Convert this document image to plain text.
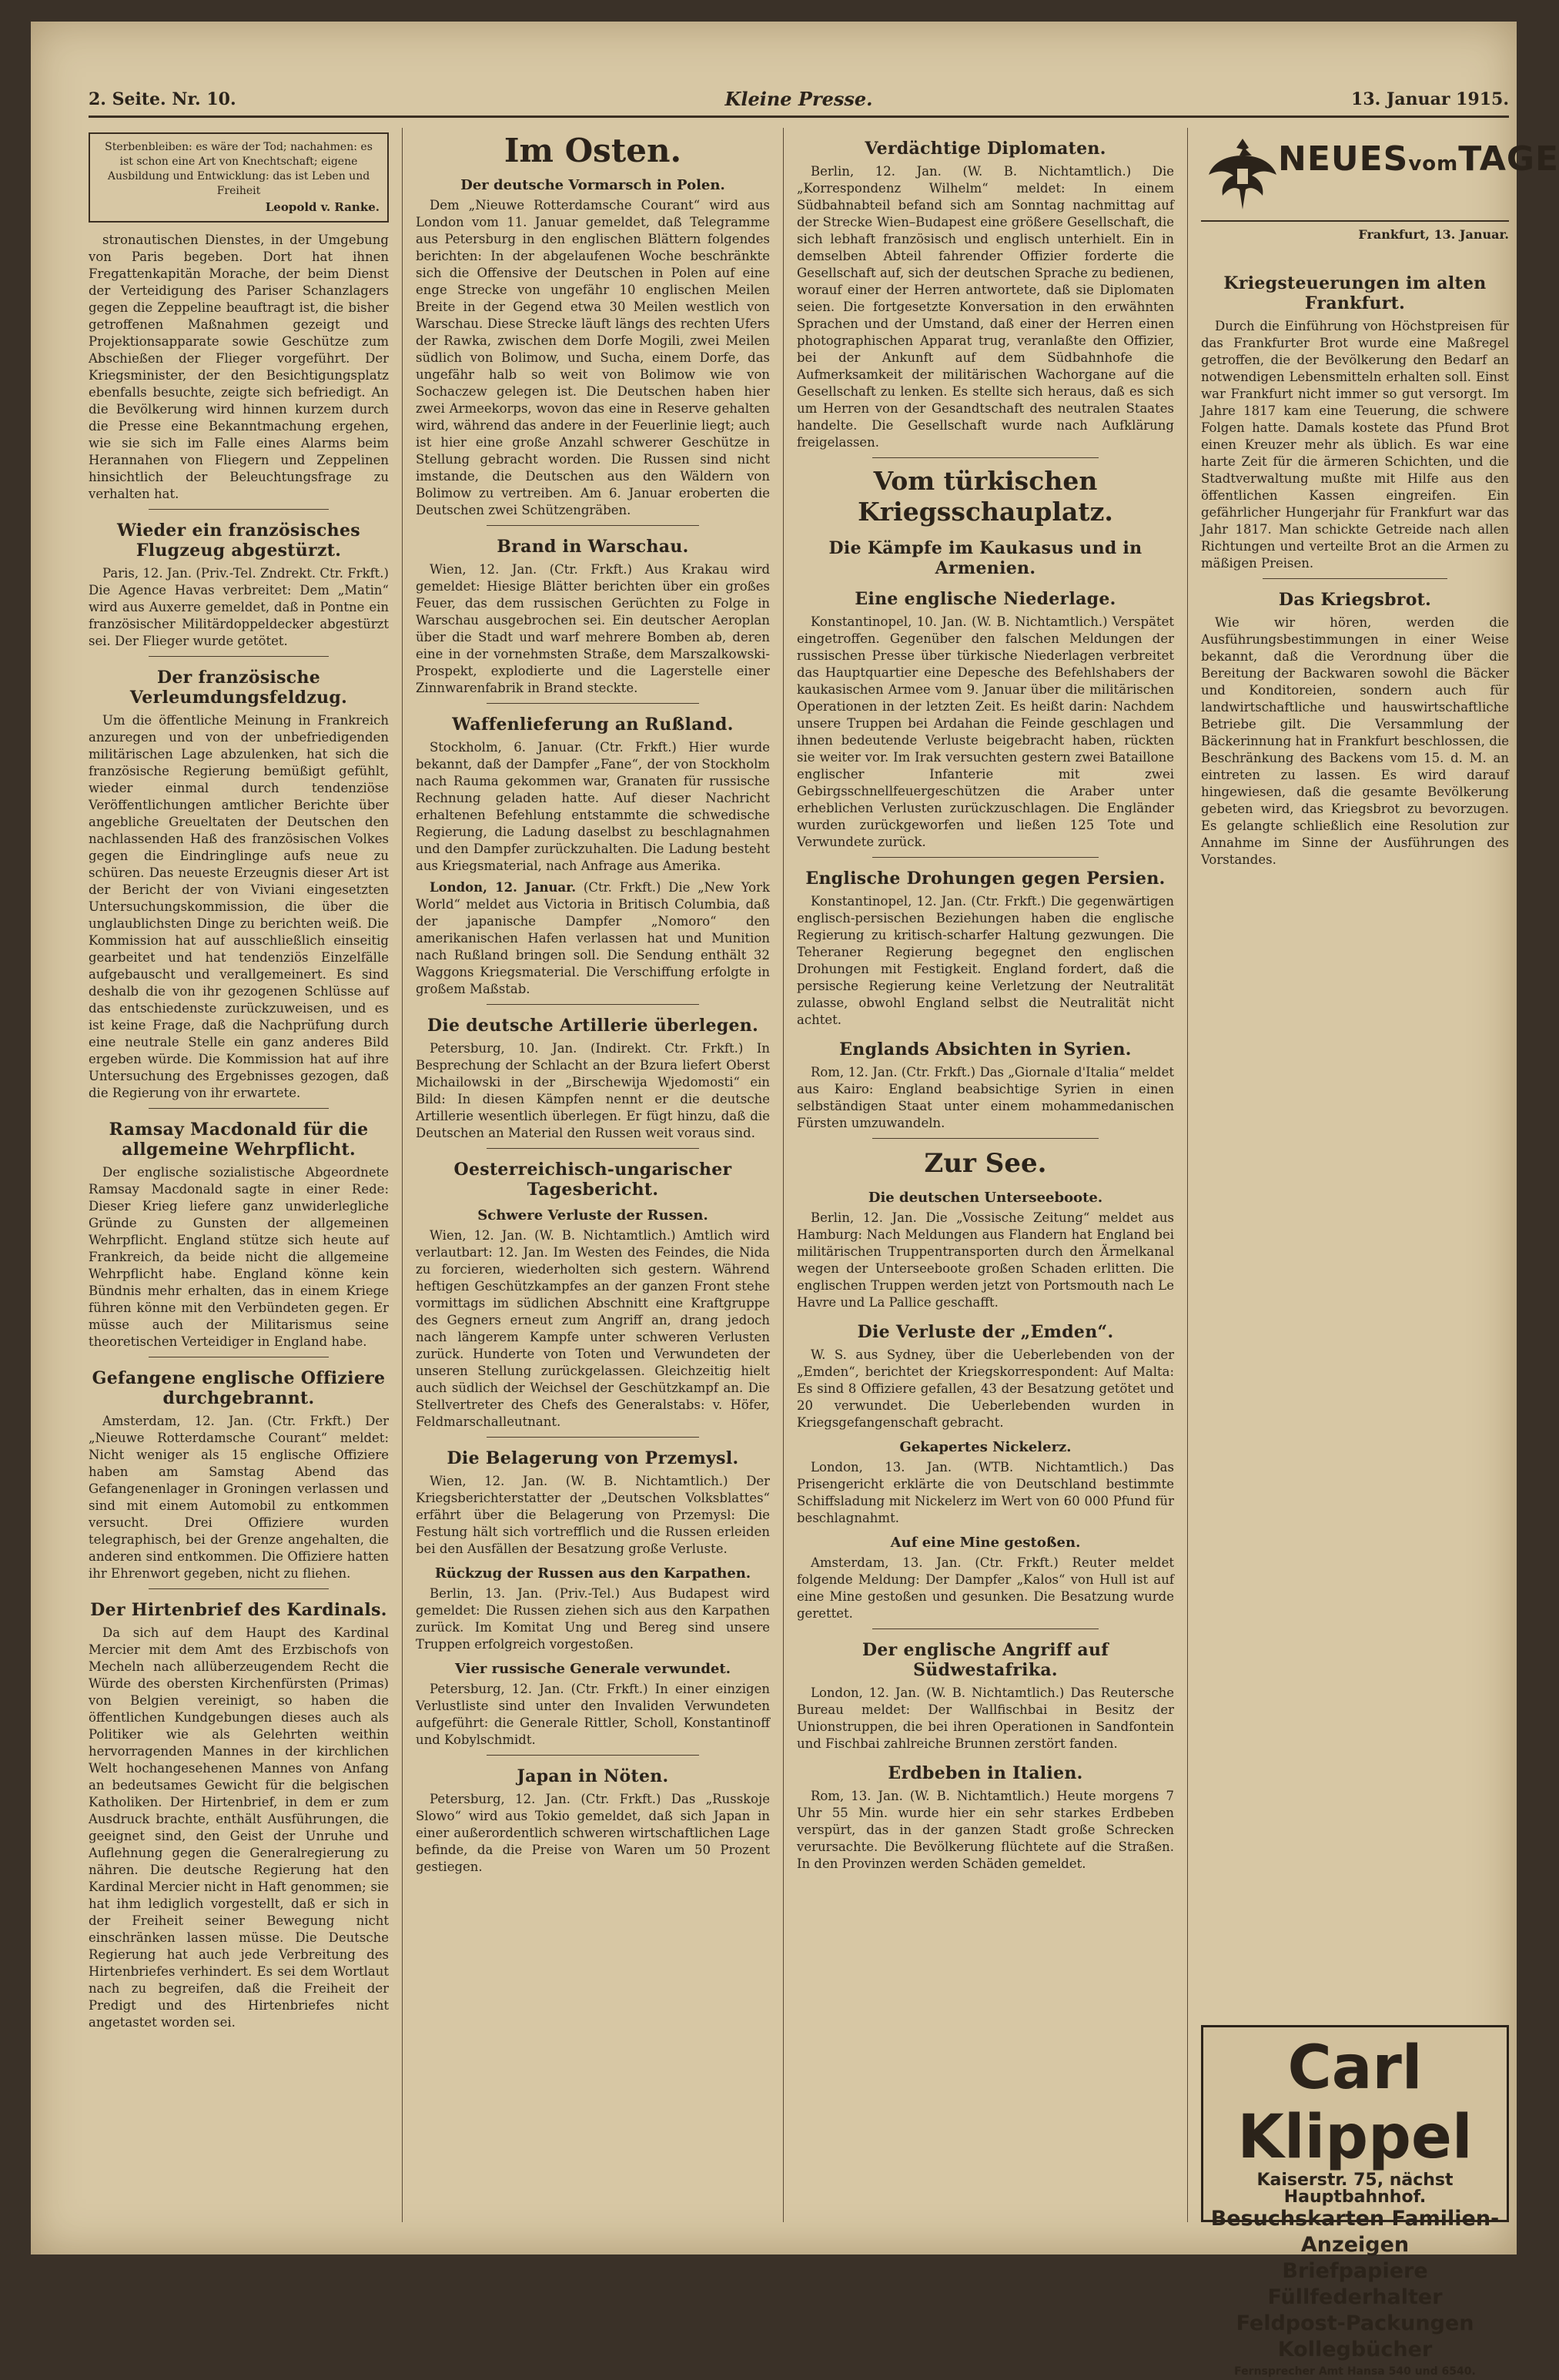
2. Seite. Nr. 10.	Kleine Presse.	13. Januar 1915.
Sterbenbleiben: es wäre der Tod; nachahmen: es ist schon eine Art von Knechtschaft; eigene Ausbildung und Entwicklung: das ist Leben und Freiheit
Leopold v. Ranke.

stronautischen Dienstes, in der Umgebung von Paris begeben. Dort hat ihnen Fregattenkapitän Morache, der beim Dienst der Verteidigung des Pariser Schanzlagers gegen die Zeppeline beauftragt ist, die bisher getroffenen Maßnahmen gezeigt und Projektionsapparate sowie Geschütze zum Abschießen der Flieger vorgeführt. Der Kriegsminister, der den Besichtigungsplatz ebenfalls besuchte, zeigte sich befriedigt. An die Bevölkerung wird hinnen kurzem durch die Presse eine Bekanntmachung ergehen, wie sie sich im Falle eines Alarms beim Herannahen von Fliegern und Zeppelinen hinsichtlich der Beleuchtungsfrage zu verhalten hat.

Wieder ein französisches Flugzeug abgestürzt.

Paris, 12. Jan. (Priv.-Tel. Zndrekt. Ctr. Frkft.) Die Agence Havas verbreitet: Dem „Matin“ wird aus Auxerre gemeldet, daß in Pontne ein französischer Militärdoppeldecker abgestürzt sei. Der Flieger wurde getötet.

Der französische Verleumdungsfeldzug.

Um die öffentliche Meinung in Frankreich anzuregen und von der unbefriedigenden militärischen Lage abzulenken, hat sich die französische Regierung bemüßigt gefühlt, wieder einmal durch tendenziöse Veröffentlichungen amtlicher Berichte über angebliche Greueltaten der Deutschen den nachlassenden Haß des französischen Volkes gegen die Eindringlinge aufs neue zu schüren. Das neueste Erzeugnis dieser Art ist der Bericht der von Viviani eingesetzten Untersuchungskommission, die über die unglaublichsten Dinge zu berichten weiß. Die Kommission hat auf ausschließlich einseitig gearbeitet und hat tendenziös Einzelfälle aufgebauscht und verallgemeinert. Es sind deshalb die von ihr gezogenen Schlüsse auf das entschiedenste zurückzuweisen, und es ist keine Frage, daß die Nachprüfung durch eine neutrale Stelle ein ganz anderes Bild ergeben würde. Die Kommission hat auf ihre Untersuchung des Ergebnisses gezogen, daß die Regierung von ihr erwartete.

Ramsay Macdonald für die allgemeine Wehrpflicht.

Der englische sozialistische Abgeordnete Ramsay Macdonald sagte in einer Rede: Dieser Krieg liefere ganz unwiderlegliche Gründe zu Gunsten der allgemeinen Wehrpflicht. England stütze sich heute auf Frankreich, da beide nicht die allgemeine Wehrpflicht habe. England könne kein Bündnis mehr erhalten, das in einem Kriege führen könne mit den Verbündeten gegen. Er müsse auch der Militarismus seine theoretischen Verteidiger in England habe.

Gefangene englische Offiziere durchgebrannt.

Amsterdam, 12. Jan. (Ctr. Frkft.) Der „Nieuwe Rotterdamsche Courant“ meldet: Nicht weniger als 15 englische Offiziere haben am Samstag Abend das Gefangenenlager in Groningen verlassen und sind mit einem Automobil zu entkommen versucht. Drei Offiziere wurden telegraphisch, bei der Grenze angehalten, die anderen sind entkommen. Die Offiziere hatten ihr Ehrenwort gegeben, nicht zu fliehen.

Der Hirtenbrief des Kardinals.

Da sich auf dem Haupt des Kardinal Mercier mit dem Amt des Erzbischofs von Mecheln nach allüberzeugendem Recht die Würde des obersten Kirchenfürsten (Primas) von Belgien vereinigt, so haben die öffentlichen Kundgebungen dieses auch als Politiker wie als Gelehrten weithin hervorragenden Mannes in der kirchlichen Welt hochangesehenen Mannes von Anfang an bedeutsames Gewicht für die belgischen Katholiken. Der Hirtenbrief, in dem er zum Ausdruck brachte, enthält Ausführungen, die geeignet sind, den Geist der Unruhe und Auflehnung gegen die Generalregierung zu nähren. Die deutsche Regierung hat den Kardinal Mercier nicht in Haft genommen; sie hat ihm lediglich vorgestellt, daß er sich in der Freiheit seiner Bewegung nicht einschränken lassen müsse. Die Deutsche Regierung hat auch jede Verbreitung des Hirtenbriefes verhindert. Es sei dem Wortlaut nach zu begreifen, daß die Freiheit der Predigt und des Hirtenbriefes nicht angetastet worden sei.

Im Osten.
Der deutsche Vormarsch in Polen.

Dem „Nieuwe Rotterdamsche Courant“ wird aus London vom 11. Januar gemeldet, daß Telegramme aus Petersburg in den englischen Blättern folgendes berichten: In der abgelaufenen Woche beschränkte sich die Offensive der Deutschen in Polen auf eine enge Strecke von ungefähr 10 englischen Meilen Breite in der Gegend etwa 30 Meilen westlich von Warschau. Diese Strecke läuft längs des rechten Ufers der Rawka, zwischen dem Dorfe Mogili, zwei Meilen südlich von Bolimow, und Sucha, einem Dorfe, das ungefähr halb so weit von Bolimow wie von Sochaczew gelegen ist. Die Deutschen haben hier zwei Armeekorps, wovon das eine in Reserve gehalten wird, während das andere in der Feuerlinie liegt; auch ist hier eine große Anzahl schwerer Geschütze in Stellung gebracht worden. Die Russen sind nicht imstande, die Deutschen aus den Wäldern von Bolimow zu vertreiben. Am 6. Januar eroberten die Deutschen zwei Schützengräben.

Brand in Warschau.

Wien, 12. Jan. (Ctr. Frkft.) Aus Krakau wird gemeldet: Hiesige Blätter berichten über ein großes Feuer, das dem russischen Gerüchten zu Folge in Warschau ausgebrochen sei. Ein deutscher Aeroplan über die Stadt und warf mehrere Bomben ab, deren eine in der vornehmsten Straße, dem Marszalkowski-Prospekt, explodierte und die Lagerstelle einer Zinnwarenfabrik in Brand steckte.

Waffenlieferung an Rußland.

Stockholm, 6. Januar. (Ctr. Frkft.) Hier wurde bekannt, daß der Dampfer „Fane“, der von Stockholm nach Rauma gekommen war, Granaten für russische Rechnung geladen hatte. Auf dieser Nachricht erhaltenen Befehlung entstammte die schwedische Regierung, die Ladung daselbst zu beschlagnahmen und den Dampfer zurückzuhalten. Die Ladung besteht aus Kriegsmaterial, nach Anfrage aus Amerika.

London, 12. Januar. (Ctr. Frkft.) Die „New York World“ meldet aus Victoria in Britisch Columbia, daß der japanische Dampfer „Nomoro“ den amerikanischen Hafen verlassen hat und Munition nach Rußland bringen soll. Die Sendung enthält 32 Waggons Kriegsmaterial. Die Verschiffung erfolgte in großem Maßstab.

Die deutsche Artillerie überlegen.

Petersburg, 10. Jan. (Indirekt. Ctr. Frkft.) In Besprechung der Schlacht an der Bzura liefert Oberst Michailowski in der „Birschewija Wjedomosti“ ein Bild: In diesen Kämpfen nennt er die deutsche Artillerie wesentlich überlegen. Er fügt hinzu, daß die Deutschen an Material den Russen weit voraus sind.

Oesterreichisch-ungarischer Tagesbericht.
Schwere Verluste der Russen.

Wien, 12. Jan. (W. B. Nichtamtlich.) Amtlich wird verlautbart: 12. Jan. Im Westen des Feindes, die Nida zu forcieren, wiederholten sich gestern. Während heftigen Geschützkampfes an der ganzen Front stehe vormittags im südlichen Abschnitt eine Kraftgruppe des Gegners erneut zum Angriff an, drang jedoch nach längerem Kampfe unter schweren Verlusten zurück. Hunderte von Toten und Verwundeten der unseren Stellung zurückgelassen. Gleichzeitig hielt auch südlich der Weichsel der Geschützkampf an. Die Stellvertreter des Chefs des Generalstabs: v. Höfer, Feldmarschalleutnant.

Die Belagerung von Przemysl.

Wien, 12. Jan. (W. B. Nichtamtlich.) Der Kriegsberichterstatter der „Deutschen Volksblattes“ erfährt über die Belagerung von Przemysl: Die Festung hält sich vortrefflich und die Russen erleiden bei den Ausfällen der Besatzung große Verluste.

Rückzug der Russen aus den Karpathen.

Berlin, 13. Jan. (Priv.-Tel.) Aus Budapest wird gemeldet: Die Russen ziehen sich aus den Karpathen zurück. Im Komitat Ung und Bereg sind unsere Truppen erfolgreich vorgestoßen.

Vier russische Generale verwundet.

Petersburg, 12. Jan. (Ctr. Frkft.) In einer einzigen Verlustliste sind unter den Invaliden Verwundeten aufgeführt: die Generale Rittler, Scholl, Konstantinoff und Kobylschmidt.

Japan in Nöten.

Petersburg, 12. Jan. (Ctr. Frkft.) Das „Russkoje Slowo“ wird aus Tokio gemeldet, daß sich Japan in einer außerordentlich schweren wirtschaftlichen Lage befinde, da die Preise von Waren um 50 Prozent gestiegen.

Verdächtige Diplomaten.

Berlin, 12. Jan. (W. B. Nichtamtlich.) Die „Korrespondenz Wilhelm“ meldet: In einem Südbahnabteil befand sich am Sonntag nachmittag auf der Strecke Wien–Budapest eine größere Gesellschaft, die sich lebhaft französisch und englisch unterhielt. Ein in demselben Abteil fahrender Offizier forderte die Gesellschaft auf, sich der deutschen Sprache zu bedienen, worauf einer der Herren antwortete, daß sie Diplomaten seien. Die fortgesetzte Konversation in den erwähnten Sprachen und der Umstand, daß einer der Herren einen photographischen Apparat trug, veranlaßte den Offizier, bei der Ankunft auf dem Südbahnhofe die Aufmerksamkeit der militärischen Wachorgane auf die Gesellschaft zu lenken. Es stellte sich heraus, daß es sich um Herren von der Gesandtschaft des neutralen Staates handelte. Die Gesellschaft wurde nach Aufklärung freigelassen.

Vom türkischen Kriegsschauplatz.
Die Kämpfe im Kaukasus und in Armenien.
Eine englische Niederlage.

Konstantinopel, 10. Jan. (W. B. Nichtamtlich.) Verspätet eingetroffen. Gegenüber den falschen Meldungen der russischen Presse über türkische Niederlagen verbreitet das Hauptquartier eine Depesche des Befehlshabers der kaukasischen Armee vom 9. Januar über die militärischen Operationen in der letzten Zeit. Es heißt darin: Nachdem unsere Truppen bei Ardahan die Feinde geschlagen und ihnen bedeutende Verluste beigebracht haben, rückten sie weiter vor. Im Irak versuchten gestern zwei Bataillone englischer Infanterie mit zwei Gebirgsschnellfeuergeschützen die Araber unter erheblichen Verlusten zurückzuschlagen. Die Engländer wurden zurückgeworfen und ließen 125 Tote und Verwundete zurück.

Englische Drohungen gegen Persien.

Konstantinopel, 12. Jan. (Ctr. Frkft.) Die gegenwärtigen englisch-persischen Beziehungen haben die englische Regierung zu kritisch-scharfer Haltung gezwungen. Die Teheraner Regierung begegnet den englischen Drohungen mit Festigkeit. England fordert, daß die persische Regierung keine Verletzung der Neutralität zulasse, obwohl England selbst die Neutralität nicht achtet.

Englands Absichten in Syrien.

Rom, 12. Jan. (Ctr. Frkft.) Das „Giornale d'Italia“ meldet aus Kairo: England beabsichtige Syrien in einen selbständigen Staat unter einem mohammedanischen Fürsten umzuwandeln.

Zur See.
Die deutschen Unterseeboote.

Berlin, 12. Jan. Die „Vossische Zeitung“ meldet aus Hamburg: Nach Meldungen aus Flandern hat England bei militärischen Truppentransporten durch den Ärmelkanal wegen der Unterseeboote großen Schaden erlitten. Die englischen Truppen werden jetzt von Portsmouth nach Le Havre und La Pallice geschafft.

Die Verluste der „Emden“.

W. S. aus Sydney, über die Ueberlebenden von der „Emden“, berichtet der Kriegskorrespondent: Auf Malta: Es sind 8 Offiziere gefallen, 43 der Besatzung getötet und 20 verwundet. Die Ueberlebenden wurden in Kriegsgefangenschaft gebracht.

Gekapertes Nickelerz.

London, 13. Jan. (WTB. Nichtamtlich.) Das Prisengericht erklärte die von Deutschland bestimmte Schiffsladung mit Nickelerz im Wert von 60 000 Pfund für beschlagnahmt.

Auf eine Mine gestoßen.

Amsterdam, 13. Jan. (Ctr. Frkft.) Reuter meldet folgende Meldung: Der Dampfer „Kalos“ von Hull ist auf eine Mine gestoßen und gesunken. Die Besatzung wurde gerettet.

Der englische Angriff auf Südwestafrika.

London, 12. Jan. (W. B. Nichtamtlich.) Das Reutersche Bureau meldet: Der Wallfischbai in Besitz der Unionstruppen, die bei ihren Operationen in Sandfontein und Fischbai zahlreiche Brunnen zerstört fanden.

Erdbeben in Italien.

Rom, 13. Jan. (W. B. Nichtamtlich.) Heute morgens 7 Uhr 55 Min. wurde hier ein sehr starkes Erdbeben verspürt, das in der ganzen Stadt große Schrecken verursachte. Die Bevölkerung flüchtete auf die Straßen. In den Provinzen werden Schäden gemeldet.

NEUESvomTAGE
Frankfurt, 13. Januar.
Kriegsteuerungen im alten Frankfurt.

Durch die Einführung von Höchstpreisen für das Frankfurter Brot wurde eine Maßregel getroffen, die der Bevölkerung den Bedarf an notwendigen Lebensmitteln erhalten soll. Einst war Frankfurt nicht immer so gut versorgt. Im Jahre 1817 kam eine Teuerung, die schwere Folgen hatte. Damals kostete das Pfund Brot einen Kreuzer mehr als üblich. Es war eine harte Zeit für die ärmeren Schichten, und die Stadtverwaltung mußte mit Hilfe aus den öffentlichen Kassen eingreifen. Ein gefährlicher Hungerjahr für Frankfurt war das Jahr 1817. Man schickte Getreide nach allen Richtungen und verteilte Brot an die Armen zu mäßigen Preisen.

Das Kriegsbrot.

Wie wir hören, werden die Ausführungsbestimmungen in einer Weise bekannt, daß die Verordnung über die Bereitung der Backwaren sowohl die Bäcker und Konditoreien, sondern auch für landwirtschaftliche und hauswirtschaftliche Betriebe gilt. Die Versammlung der Bäckerinnung hat in Frankfurt beschlossen, die Beschränkung des Backens vom 15. d. M. an eintreten zu lassen. Es wird darauf hingewiesen, daß die gesamte Bevölkerung gebeten wird, das Kriegsbrot zu bevorzugen. Es gelangte schließlich eine Resolution zur Annahme im Sinne der Ausführungen des Vorstandes.

Carl Klippel
Kaiserstr. 75, nächst Hauptbahnhof.
Besuchskarten Familien-Anzeigen
Briefpapiere Füllfederhalter
Feldpost-Packungen Kollegbücher
Fernsprecher Amt Hansa 540 und 6540.
